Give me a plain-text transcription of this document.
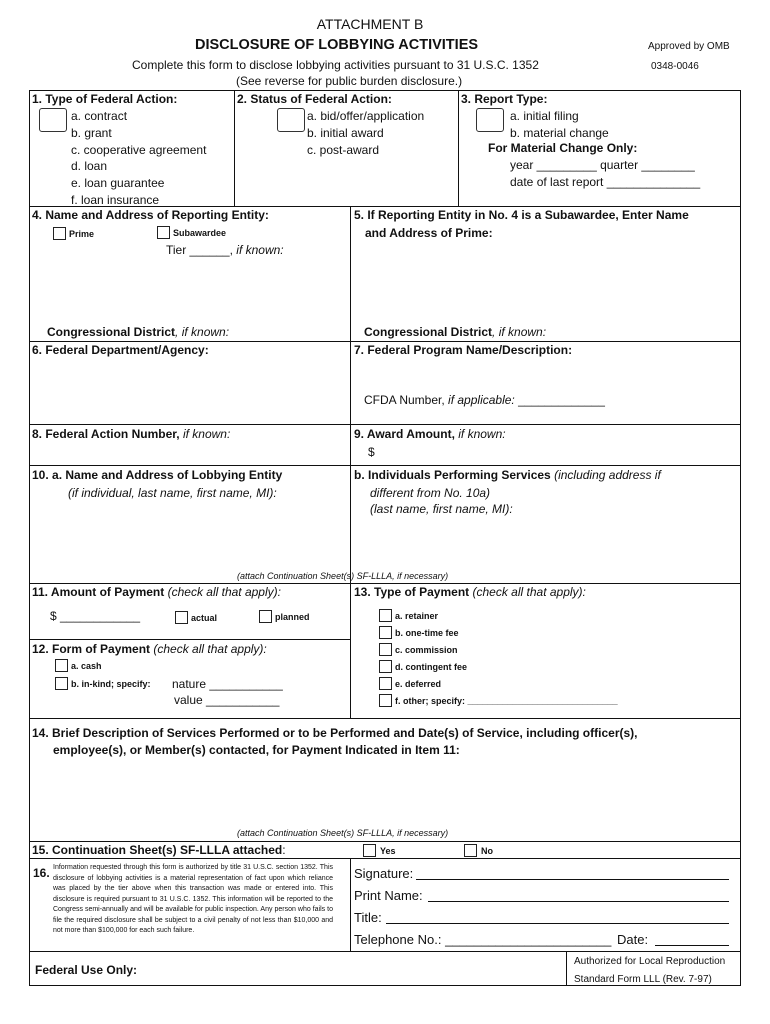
ATTACHMENT B
DISCLOSURE OF LOBBYING ACTIVITIES	Approved by OMB
Complete this form to disclose lobbying activities pursuant to 31 U.S.C. 1352	0348-0046
(See reverse for public burden disclosure.)
1. Type of Federal Action:
a. contract
b. grant
c. cooperative agreement
d. loan
e. loan guarantee
f. loan insurance
2. Status of Federal Action:
a. bid/offer/application
b. initial award
c. post-award
3. Report Type:
a. initial filing
b. material change
For Material Change Only:
year _________ quarter ________
date of last report ______________
4. Name and Address of Reporting Entity:
Prime	Subawardee
Tier ______, if known:
Congressional District, if known:
5. If Reporting Entity in No. 4 is a Subawardee, Enter Name
and Address of Prime:
Congressional District, if known:
6. Federal Department/Agency:	7. Federal Program Name/Description:
CFDA Number, if applicable: _____________
8. Federal Action Number, if known:	9. Award Amount, if known:
$
10. a. Name and Address of Lobbying Entity
(if individual, last name, first name, MI):
b. Individuals Performing Services (including address if
different from No. 10a)
(last name, first name, MI):
(attach Continuation Sheet(s) SF-LLLA, if necessary)
11. Amount of Payment (check all that apply):
$ ____________	actual	planned
12. Form of Payment (check all that apply):
a. cash
b. in-kind; specify: nature ___________
value ___________
13. Type of Payment (check all that apply):
a. retainer
b. one-time fee
c. commission
d. contingent fee
e. deferred
f. other; specify: ______________________________
14. Brief Description of Services Performed or to be Performed and Date(s) of Service, including officer(s),
employee(s), or Member(s) contacted, for Payment Indicated in Item 11:
(attach Continuation Sheet(s) SF-LLLA, if necessary)
15. Continuation Sheet(s) SF-LLLA attached:	Yes	No
16. Information requested through this form is authorized by title 31 U.S.C. section 1352. This disclosure of lobbying activities is a material representation of fact upon which reliance was placed by the tier above when this transaction was made or entered into. This disclosure is required pursuant to 31 U.S.C. 1352. This information will be reported to the Congress semi-annually and will be available for public inspection. Any person who fails to file the required disclosure shall be subject to a civil penalty of not less than $10,000 and not more than $100,000 for each such failure.
Signature:
Print Name:
Title:
Telephone No.: _______________________ Date:
Federal Use Only:
Authorized for Local Reproduction
Standard Form LLL (Rev. 7-97)
